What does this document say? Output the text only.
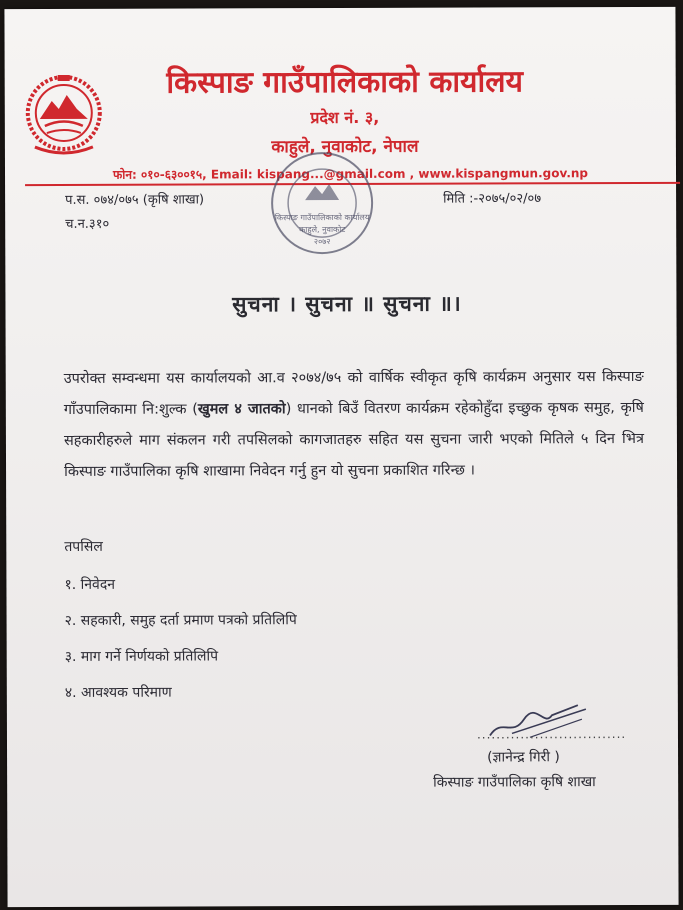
किस्पाङ गाउँपालिकाको कार्यालय
प्रदेश नं. ३,
काहुले, नुवाकोट, नेपाल
फोन: ०१०-६३००१५, Email: kispang...@gmail.com , www.kispangmun.gov.np
प.स. ०७४/०७५ (कृषि शाखा)
च.न.३१०
मिति :-२०७५/०२/०७
किस्पाङ गाउँपालिकाको कार्यालय
काहुले, नुवाकोट
२०७२
सुचना । सुचना ॥ सुचना ॥।
उपरोक्त सम्वन्धमा यस कार्यालयको आ.व २०७४/७५ को वार्षिक स्वीकृत कृषि कार्यक्रम अनुसार यस किस्पाङ गाँउपालिकामा नि:शुल्क (खुमल ४ जातको) धानको बिउँ वितरण कार्यक्रम रहेकोहुँदा इच्छुक कृषक समुह, कृषि सहकारीहरुले माग संकलन गरी तपसिलको कागजातहरु सहित यस सुचना जारी भएको मितिले ५ दिन भित्र किस्पाङ गाउँपालिका कृषि शाखामा निवेदन गर्नु हुन यो सुचना प्रकाशित गरिन्छ ।
तपसिल
१. निवेदन
२. सहकारी, समुह दर्ता प्रमाण पत्रको प्रतिलिपि
३. माग गर्ने निर्णयको प्रतिलिपि
४. आवश्यक परिमाण
...............................
(ज्ञानेन्द्र गिरी )
किस्पाङ गाउँपालिका कृषि शाखा
